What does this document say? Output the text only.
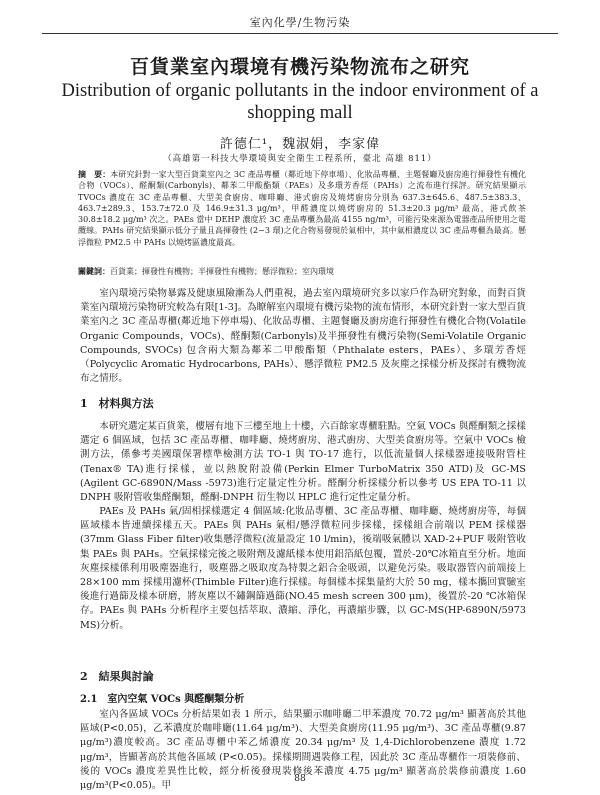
室內化學/生物污染
百貨業室內環境有機污染物流布之研究
Distribution of organic pollutants in the indoor environment of a shopping mall
許德仁¹，魏淑娟，李家偉
（高雄第一科技大學環境與安全衛生工程系所，臺北 高雄 811）
摘　要：本研究針對一家大型百貨業室內之 3C 產品專櫃（鄰近地下停車場）、化妝品專櫃、主題餐廳及廚房進行揮發性有機化合物（VOCs）、醛酮類(Carbonyls)、鄰苯二甲酸酯類（PAEs）及多環芳香烴（PAHs）之流布進行採評。研究結果顯示 TVOCs 濃度在 3C 產品專櫃、大型美食廚房、咖啡廳、港式廚房及燒烤廚房分別為 637.3±645.6、487.5±383.3、463.7±289.3、153.7±72.0 及 146.9±31.3 μg/m³，甲醛濃度以燒烤廚房的 51.3±20.3 μg/m³ 最高，港式飲茶 30.8±18.2 μg/m³ 次之。PAEs 當中 DEHP 濃度於 3C 產品專櫃為最高 4155 ng/m³，可能污染來源為電器產品所使用之電纜線。PAHs 研究結果顯示低分子量且高揮發性 (2~3 環)之化合物易發現於氣相中，其中氣相濃度以 3C 產品專櫃為最高。懸浮微粒 PM2.5 中 PAHs 以燒烤區濃度最高。
關鍵詞：百貨業；揮發性有機物；半揮發性有機物；懸浮微粒；室內環境

室內環境污染物暴露及健康風險漸為人們重視，過去室內環境研究多以家戶作為研究對象，而對百貨業室內環境污染物研究較為有限[1-3]。為瞭解室內環境有機污染物的流布情形，本研究針對一家大型百貨業室內之 3C 產品專櫃(鄰近地下停車場)、化妝品專櫃、主題餐廳及廚房進行揮發性有機化合物(Volatile Organic Compounds，VOCs)、醛酮類(Carbonyls)及半揮發性有機污染物(Semi-Volatile Organic Compounds, SVOCs) 包含兩大類為鄰苯二甲酸酯類（Phthalate esters，PAEs）、多環芳香烴（Polycyclic Aromatic Hydrocarbons, PAHs）、懸浮微粒 PM2.5 及灰塵之採樣分析及探討有機物流布之情形。

1　材料與方法

本研究選定某百貨業，樓層有地下三樓至地上十樓，六百餘家專櫃駐點。空氣 VOCs 與醛酮類之採樣選定 6 個區域，包括 3C 產品專櫃、咖啡廳、燒烤廚房、港式廚房、大型美食廚房等。空氣中 VOCs 檢測方法，係參考美國環保署標準檢測方法 TO-1 與 TO-17 進行，以低流量個人採樣器連接吸附管柱(Tenax® TA)進行採樣，並以熱脫附設備(Perkin Elmer TurboMatrix 350 ATD)及 GC-MS (Agilent GC-6890N/Mass -5973)進行定量定性分析。醛酮分析採樣分析以參考 US EPA TO-11 以 DNPH 吸附管收集醛酮類，醛酮-DNPH 衍生物以 HPLC 進行定性定量分析。

PAEs 及 PAHs 氣/固相採樣選定 4 個區域:化妝品專櫃、3C 產品專櫃、咖啡廳、燒烤廚房等，每個區域樣本皆連續採樣五天。PAEs 與 PAHs 氣相/懸浮微粒同步採樣，採樣組合前端以 PEM 採樣器(37mm Glass Fiber filter)收集懸浮微粒(流量設定 10 l/min)，後端吸氣體以 XAD-2+PUF 吸附管收集 PAEs 與 PAHs。空氣採樣完後之吸附劑及濾紙樣本使用鋁箔紙包覆，置於-20℃冰箱直至分析。地面灰塵採樣係利用吸塵器進行，吸塵器之吸取度為特製之鋁合金吸頭，以避免污染。吸取器管內前端接上 28×100 mm 採樣用濾杯(Thimble Filter)進行採樣。每個樣本採集量約大於 50 mg，樣本攜回實驗室後進行過篩及樣本研磨，將灰塵以不鏽鋼篩過篩(NO.45 mesh screen 300 μm)，後置於-20 ℃冰箱保存。PAEs 與 PAHs 分析程序主要包括萃取、濃縮、淨化，再濃縮步驟，以 GC-MS(HP-6890N/5973 MS)分析。

2　結果與討論
2.1　室內空氣 VOCs 與醛酮類分析

室內各區域 VOCs 分析結果如表 1 所示，結果顯示咖啡廳二甲苯濃度 70.72 μg/m³ 顯著高於其他區域(P<0.05)，乙苯濃度於咖啡廳(11.64 μg/m³)、大型美食廚房(11.95 μg/m³)、3C 產品專櫃(9.87 μg/m³)濃度較高。3C 產品專櫃中苯乙烯濃度 20.34 μg/m³ 及 1,4-Dichlorobenzene 濃度 1.72 μg/m³，皆顯著高於其他各區域 (P<0.05)。採樣期間遇裝修工程，因此於 3C 產品專櫃作一項裝修前、後的 VOCs 濃度差異性比較，經分析後發現裝修後苯濃度 4.75 μg/m³ 顯著高於裝修前濃度 1.60 μg/m³(P<0.05)。甲

88
